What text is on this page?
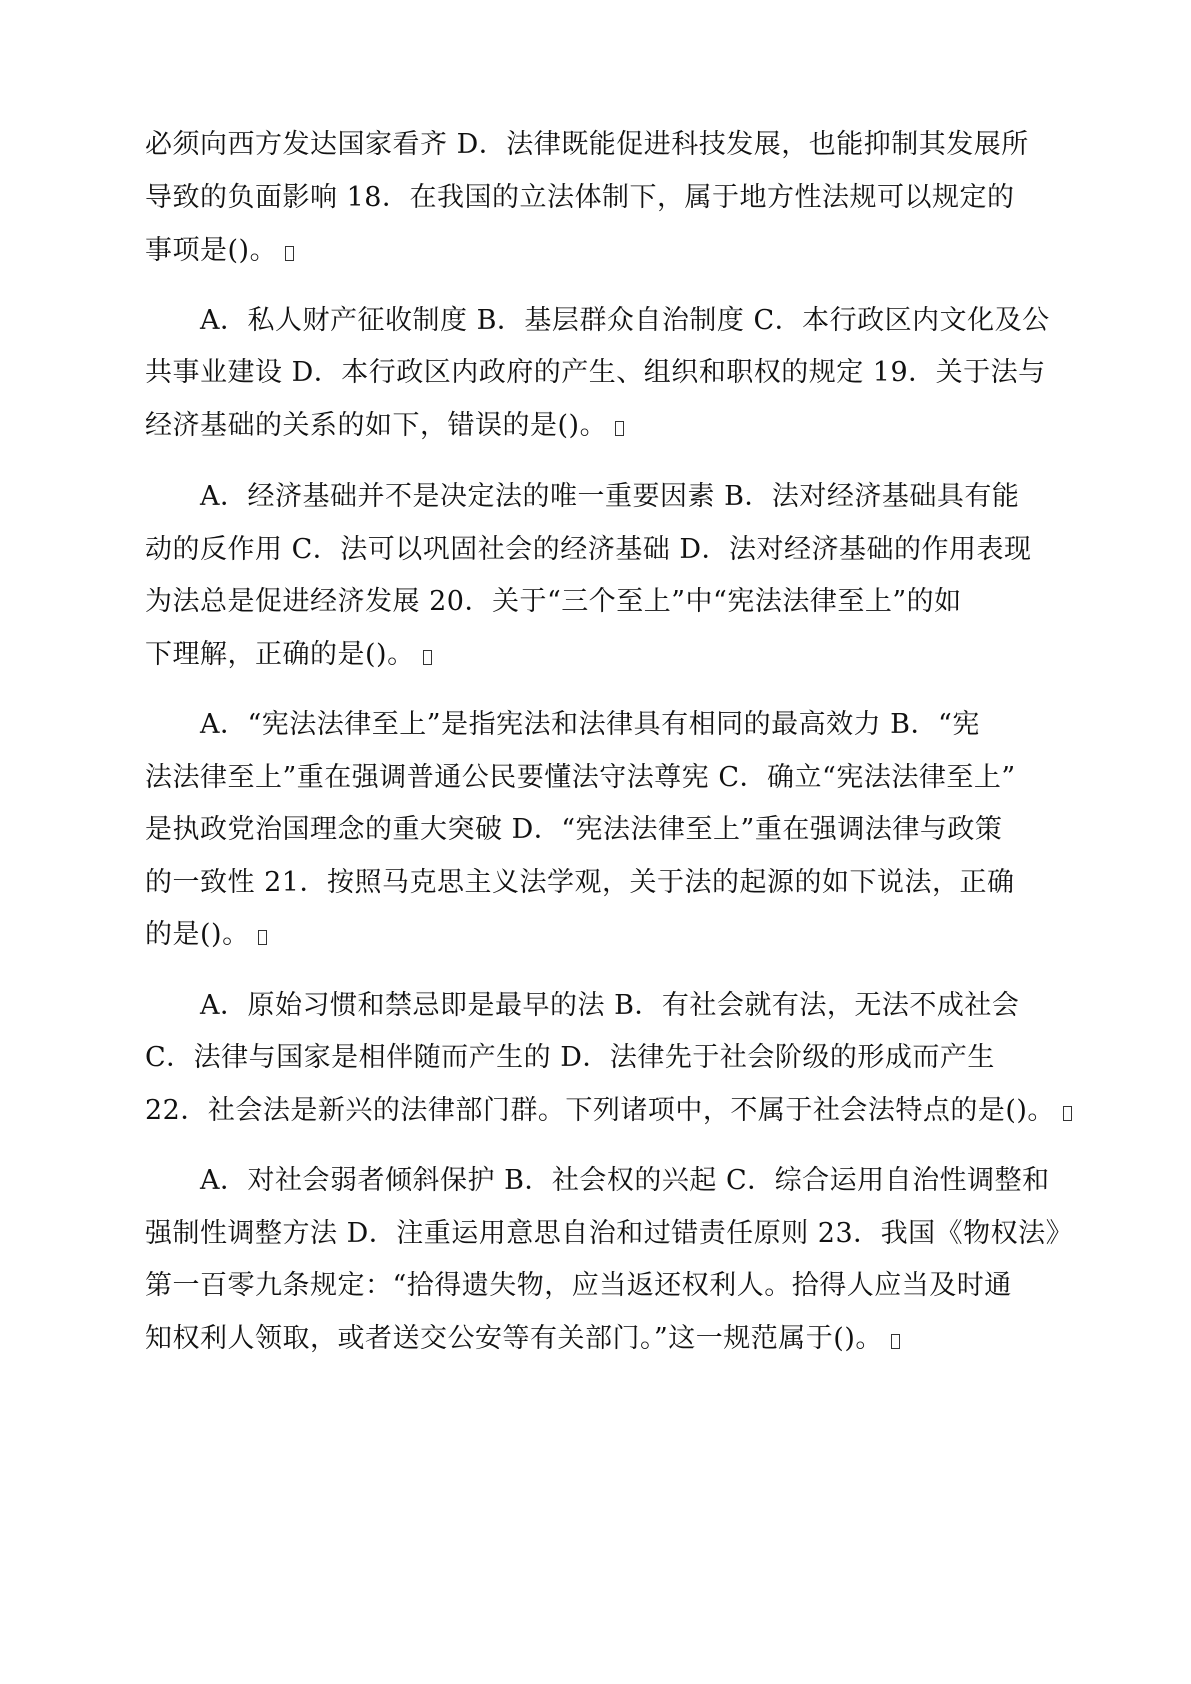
必须向西方发达国家看齐 D．法律既能促进科技发展，也能抑制其发展所
导致的负面影响 18．在我国的立法体制下，属于地方性法规可以规定的
事项是()。
A．私人财产征收制度 B．基层群众自治制度 C．本行政区内文化及公
共事业建设 D．本行政区内政府的产生、组织和职权的规定 19．关于法与
经济基础的关系的如下，错误的是()。
A．经济基础并不是决定法的唯一重要因素 B．法对经济基础具有能
动的反作用 C．法可以巩固社会的经济基础 D．法对经济基础的作用表现
为法总是促进经济发展 20．关于“三个至上”中“宪法法律至上”的如
下理解，正确的是()。
A．“宪法法律至上”是指宪法和法律具有相同的最高效力 B．“宪
法法律至上”重在强调普通公民要懂法守法尊宪 C．确立“宪法法律至上”
是执政党治国理念的重大突破 D．“宪法法律至上”重在强调法律与政策
的一致性 21．按照马克思主义法学观，关于法的起源的如下说法，正确
的是()。
A．原始习惯和禁忌即是最早的法 B．有社会就有法，无法不成社会
C．法律与国家是相伴随而产生的 D．法律先于社会阶级的形成而产生
22．社会法是新兴的法律部门群。下列诸项中，不属于社会法特点的是()。
A．对社会弱者倾斜保护 B．社会权的兴起 C．综合运用自治性调整和
强制性调整方法 D．注重运用意思自治和过错责任原则 23．我国《物权法》
第一百零九条规定：“拾得遗失物，应当返还权利人。拾得人应当及时通
知权利人领取，或者送交公安等有关部门。”这一规范属于()。
